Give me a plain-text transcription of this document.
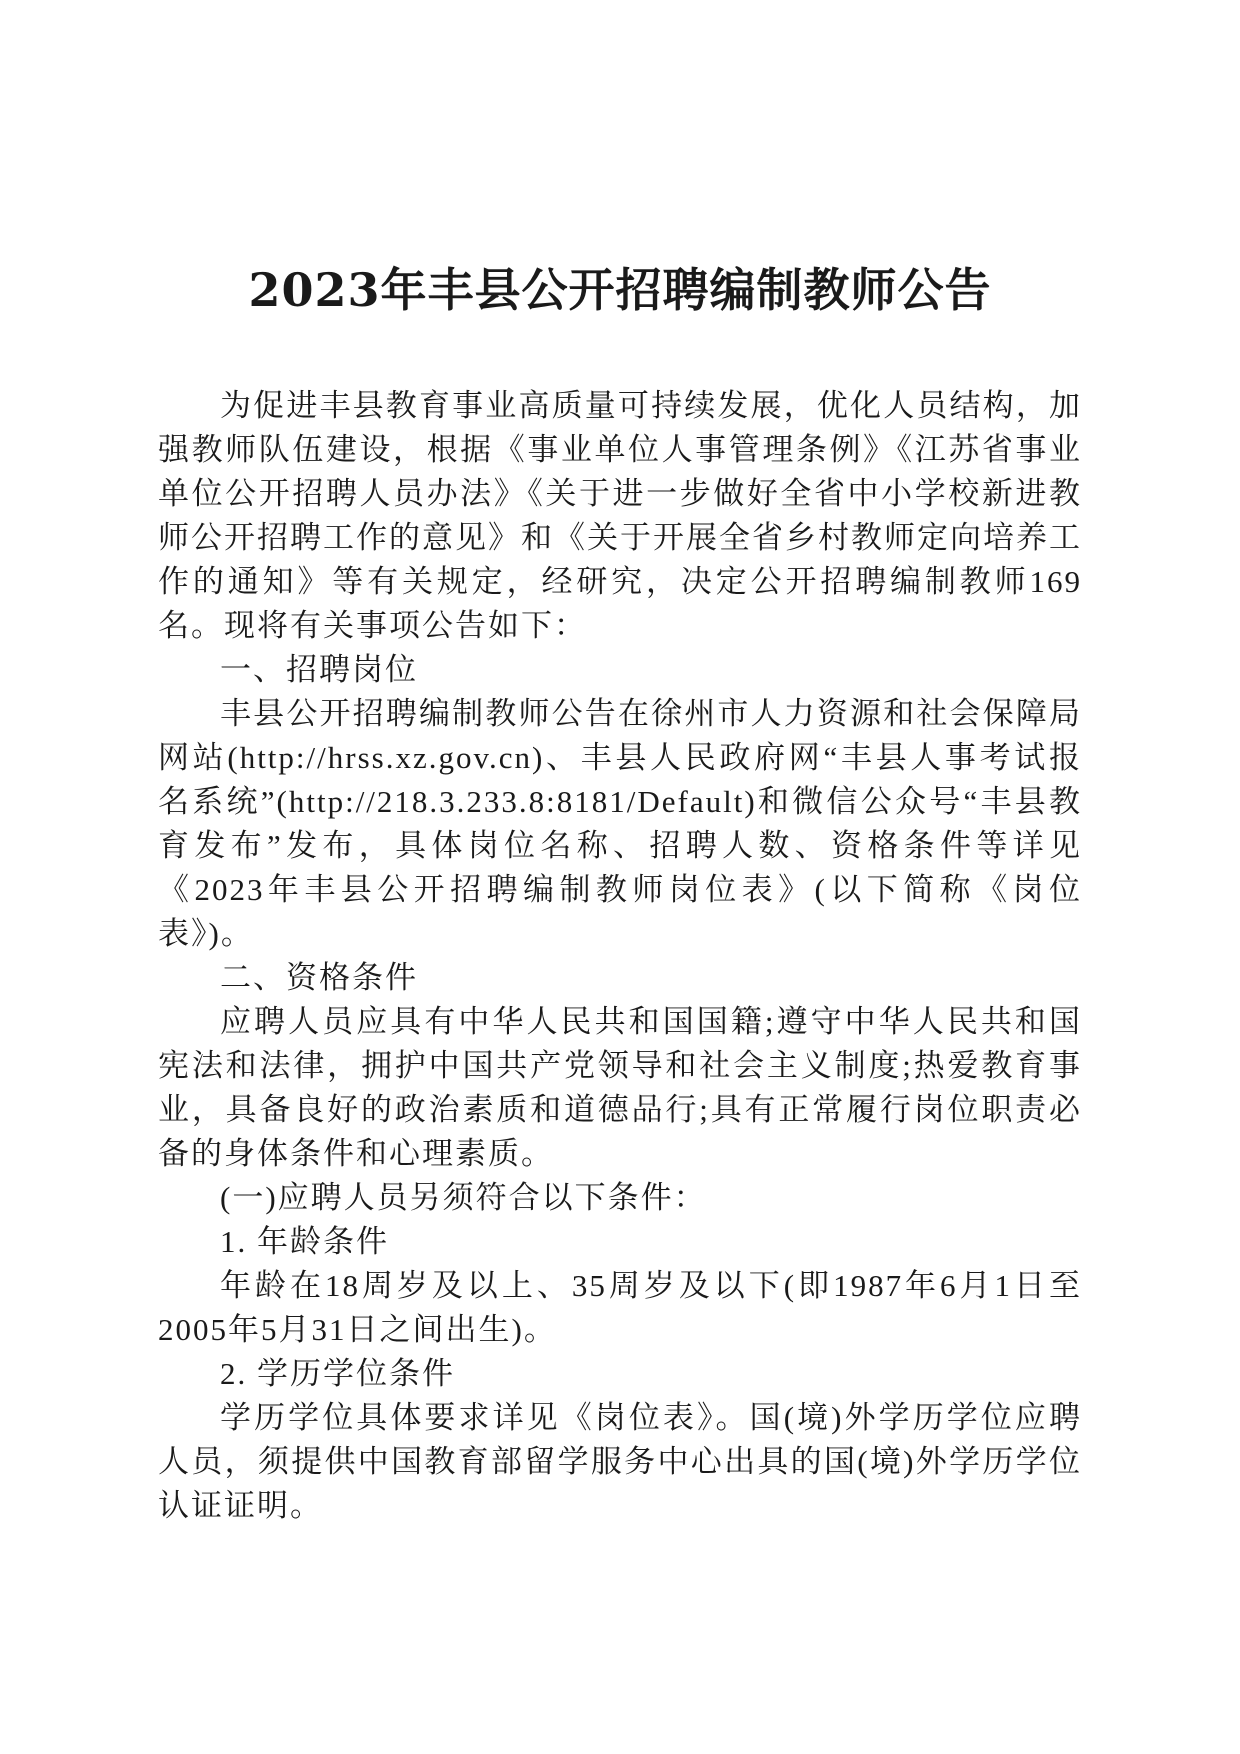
2023年丰县公开招聘编制教师公告

为促进丰县教育事业高质量可持续发展，优化人员结构，加强教师队伍建设，根据《事业单位人事管理条例》《江苏省事业单位公开招聘人员办法》《关于进一步做好全省中小学校新进教师公开招聘工作的意见》和《关于开展全省乡村教师定向培养工作的通知》等有关规定，经研究，决定公开招聘编制教师169名。现将有关事项公告如下：

一、招聘岗位

丰县公开招聘编制教师公告在徐州市人力资源和社会保障局网站(http://hrss.xz.gov.cn)、丰县人民政府网“丰县人事考试报名系统”(http://218.3.233.8:8181/Default)和微信公众号“丰县教育发布”发布，具体岗位名称、招聘人数、资格条件等详见《2023年丰县公开招聘编制教师岗位表》(以下简称《岗位表》)。

二、资格条件

应聘人员应具有中华人民共和国国籍;遵守中华人民共和国宪法和法律，拥护中国共产党领导和社会主义制度;热爱教育事业，具备良好的政治素质和道德品行;具有正常履行岗位职责必备的身体条件和心理素质。

(一)应聘人员另须符合以下条件：

1. 年龄条件

年龄在18周岁及以上、35周岁及以下(即1987年6月1日至2005年5月31日之间出生)。

2. 学历学位条件

学历学位具体要求详见《岗位表》。国(境)外学历学位应聘人员，须提供中国教育部留学服务中心出具的国(境)外学历学位认证证明。
